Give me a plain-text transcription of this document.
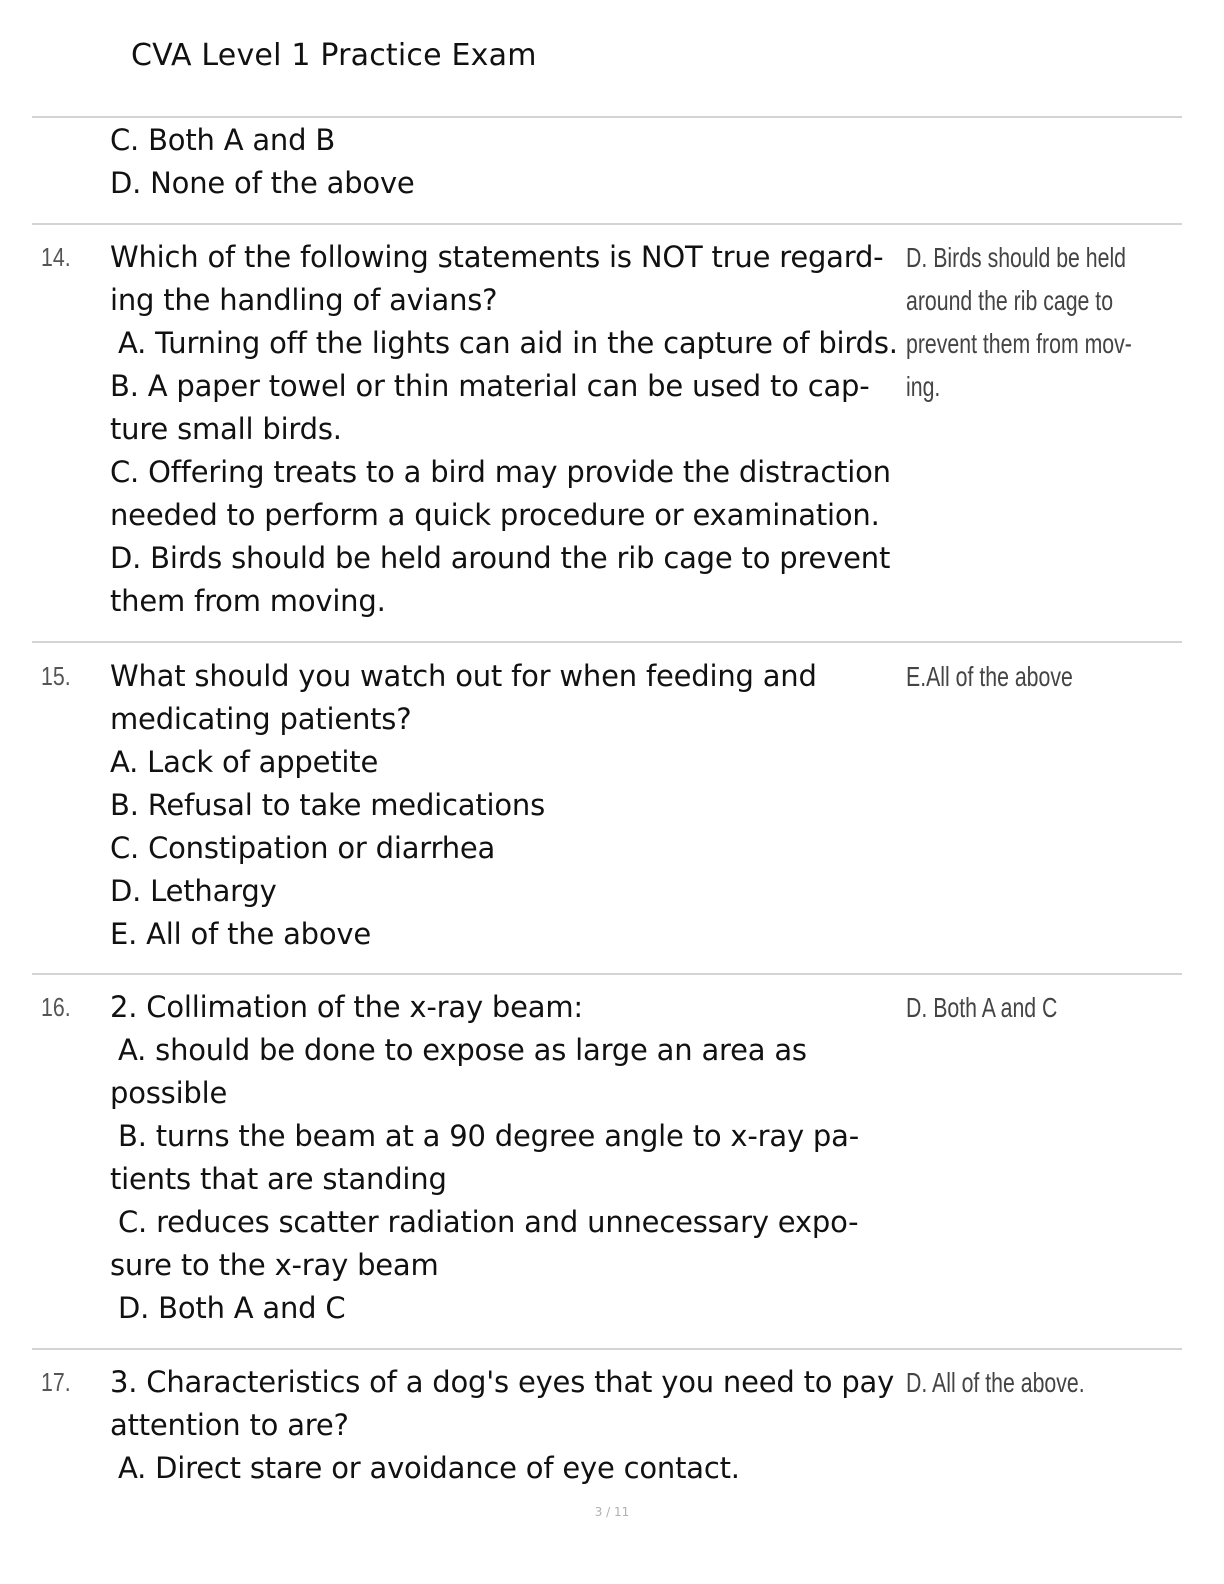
CVA Level 1 Practice Exam
C. Both A and B
D. None of the above
14. Which of the following statements is NOT true regard-
ing the handling of avians?
A. Turning off the lights can aid in the capture of birds.
B. A paper towel or thin material can be used to cap-
ture small birds.
C. Offering treats to a bird may provide the distraction
needed to perform a quick procedure or examination.
D. Birds should be held around the rib cage to prevent
them from moving.
D. Birds should be held
around the rib cage to
prevent them from mov-
ing.
15. What should you watch out for when feeding and
medicating patients?
A. Lack of appetite
B. Refusal to take medications
C. Constipation or diarrhea
D. Lethargy
E. All of the above
E.All of the above
16. 2. Collimation of the x-ray beam:
A. should be done to expose as large an area as
possible
B. turns the beam at a 90 degree angle to x-ray pa-
tients that are standing
C. reduces scatter radiation and unnecessary expo-
sure to the x-ray beam
D. Both A and C
D. Both A and C
17. 3. Characteristics of a dog's eyes that you need to pay
attention to are?
A. Direct stare or avoidance of eye contact.
D. All of the above.
3 / 11
